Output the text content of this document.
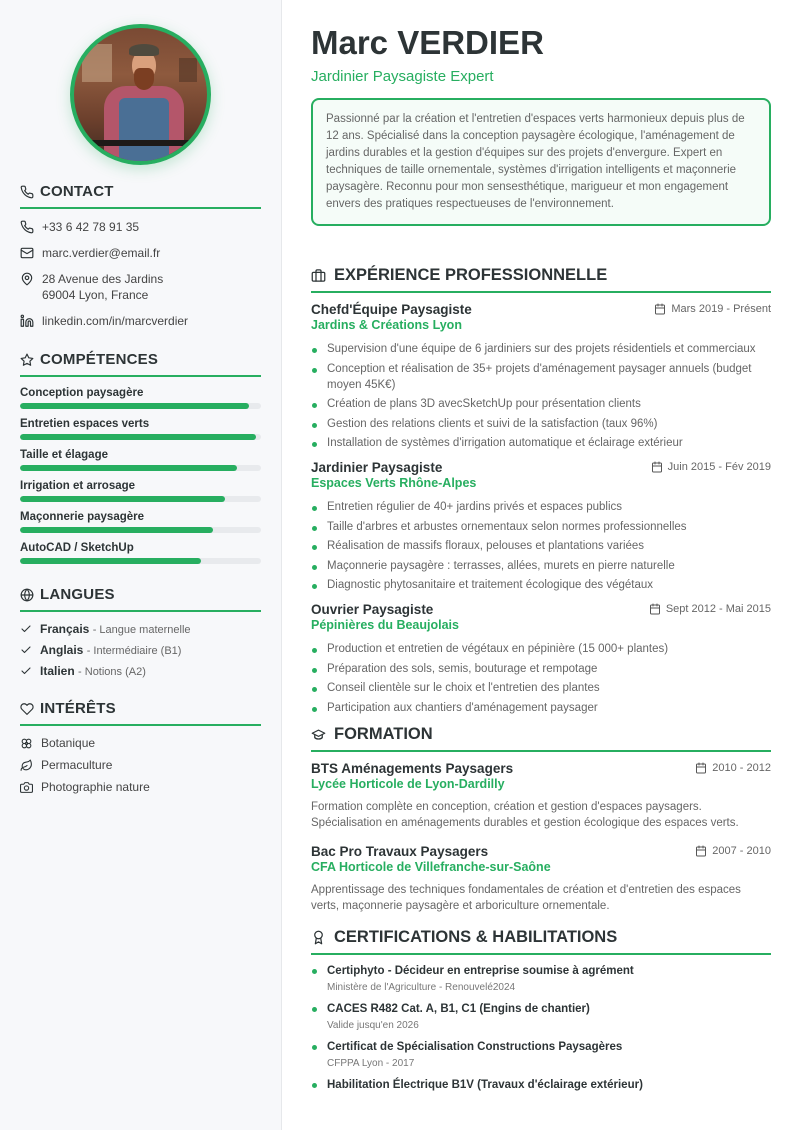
CONTACT
+33 6 42 78 91 35
marc.verdier@email.fr
28 Avenue des Jardins
69004 Lyon, France
linkedin.com/in/marcverdier
COMPÉTENCES
Conception paysagère
Entretien espaces verts
Taille et élagage
Irrigation et arrosage
Maçonnerie paysagère
AutoCAD / SketchUp
LANGUES
Français - Langue maternelle
Anglais - Intermédiaire (B1)
Italien - Notions (A2)
INTÉRÊTS
Botanique
Permaculture
Photographie nature
Marc VERDIER
Jardinier Paysagiste Expert
Passionné par la création et l'entretien d'espaces verts harmonieux depuis plus de 12 ans. Spécialisé dans la conception paysagère écologique, l'aménagement de jardins durables et la gestion d'équipes sur des projets d'envergure. Expert en techniques de taille ornementale, systèmes d'irrigation intelligents et maçonnerie paysagère. Reconnu pour mon sensesthétique, marigueur et mon engagement envers des pratiques respectueuses de l'environnement.
EXPÉRIENCE PROFESSIONNELLE
Chefd'Équipe Paysagiste	Mars 2019 - Présent
Jardins & Créations Lyon
Supervision d'une équipe de 6 jardiniers sur des projets résidentiels et commerciaux
Conception et réalisation de 35+ projets d'aménagement paysager annuels (budget moyen 45K€)
Création de plans 3D avecSketchUp pour présentation clients
Gestion des relations clients et suivi de la satisfaction (taux 96%)
Installation de systèmes d'irrigation automatique et éclairage extérieur
Jardinier Paysagiste	Juin 2015 - Fév 2019
Espaces Verts Rhône-Alpes
Entretien régulier de 40+ jardins privés et espaces publics
Taille d'arbres et arbustes ornementaux selon normes professionnelles
Réalisation de massifs floraux, pelouses et plantations variées
Maçonnerie paysagère : terrasses, allées, murets en pierre naturelle
Diagnostic phytosanitaire et traitement écologique des végétaux
Ouvrier Paysagiste	Sept 2012 - Mai 2015
Pépinières du Beaujolais
Production et entretien de végétaux en pépinière (15 000+ plantes)
Préparation des sols, semis, bouturage et rempotage
Conseil clientèle sur le choix et l'entretien des plantes
Participation aux chantiers d'aménagement paysager
FORMATION
BTS Aménagements Paysagers	2010 - 2012
Lycée Horticole de Lyon-Dardilly
Formation complète en conception, création et gestion d'espaces paysagers. Spécialisation en aménagements durables et gestion écologique des espaces verts.
Bac Pro Travaux Paysagers	2007 - 2010
CFA Horticole de Villefranche-sur-Saône
Apprentissage des techniques fondamentales de création et d'entretien des espaces verts, maçonnerie paysagère et arboriculture ornementale.
CERTIFICATIONS & HABILITATIONS
Certiphyto - Décideur en entreprise soumise à agrément
Ministère de l'Agriculture - Renouvelé2024
CACES R482 Cat. A, B1, C1 (Engins de chantier)
Valide jusqu'en 2026
Certificat de Spécialisation Constructions Paysagères
CFPPA Lyon - 2017
Habilitation Électrique B1V (Travaux d'éclairage extérieur)
